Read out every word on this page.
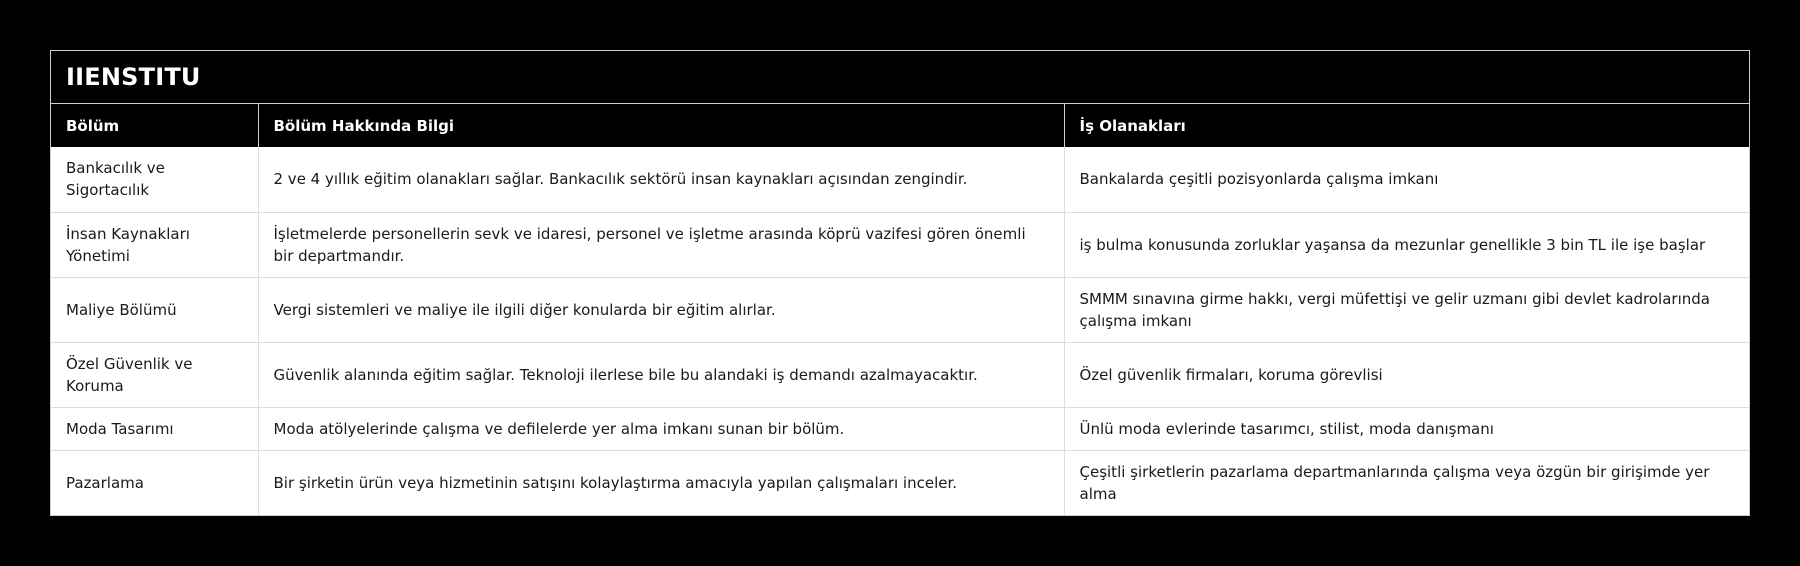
IIENSTITU
Bölüm	Bölüm Hakkında Bilgi	İş Olanakları
Bankacılık ve Sigortacılık	2 ve 4 yıllık eğitim olanakları sağlar. Bankacılık sektörü insan kaynakları açısından zengindir.	Bankalarda çeşitli pozisyonlarda çalışma imkanı
İnsan Kaynakları Yönetimi	İşletmelerde personellerin sevk ve idaresi, personel ve işletme arasında köprü vazifesi gören önemli bir departmandır.	iş bulma konusunda zorluklar yaşansa da mezunlar genellikle 3 bin TL ile işe başlar
Maliye Bölümü	Vergi sistemleri ve maliye ile ilgili diğer konularda bir eğitim alırlar.	SMMM sınavına girme hakkı, vergi müfettişi ve gelir uzmanı gibi devlet kadrolarında çalışma imkanı
Özel Güvenlik ve Koruma	Güvenlik alanında eğitim sağlar. Teknoloji ilerlese bile bu alandaki iş demandı azalmayacaktır.	Özel güvenlik firmaları, koruma görevlisi
Moda Tasarımı	Moda atölyelerinde çalışma ve defilelerde yer alma imkanı sunan bir bölüm.	Ünlü moda evlerinde tasarımcı, stilist, moda danışmanı
Pazarlama	Bir şirketin ürün veya hizmetinin satışını kolaylaştırma amacıyla yapılan çalışmaları inceler.	Çeşitli şirketlerin pazarlama departmanlarında çalışma veya özgün bir girişimde yer alma
